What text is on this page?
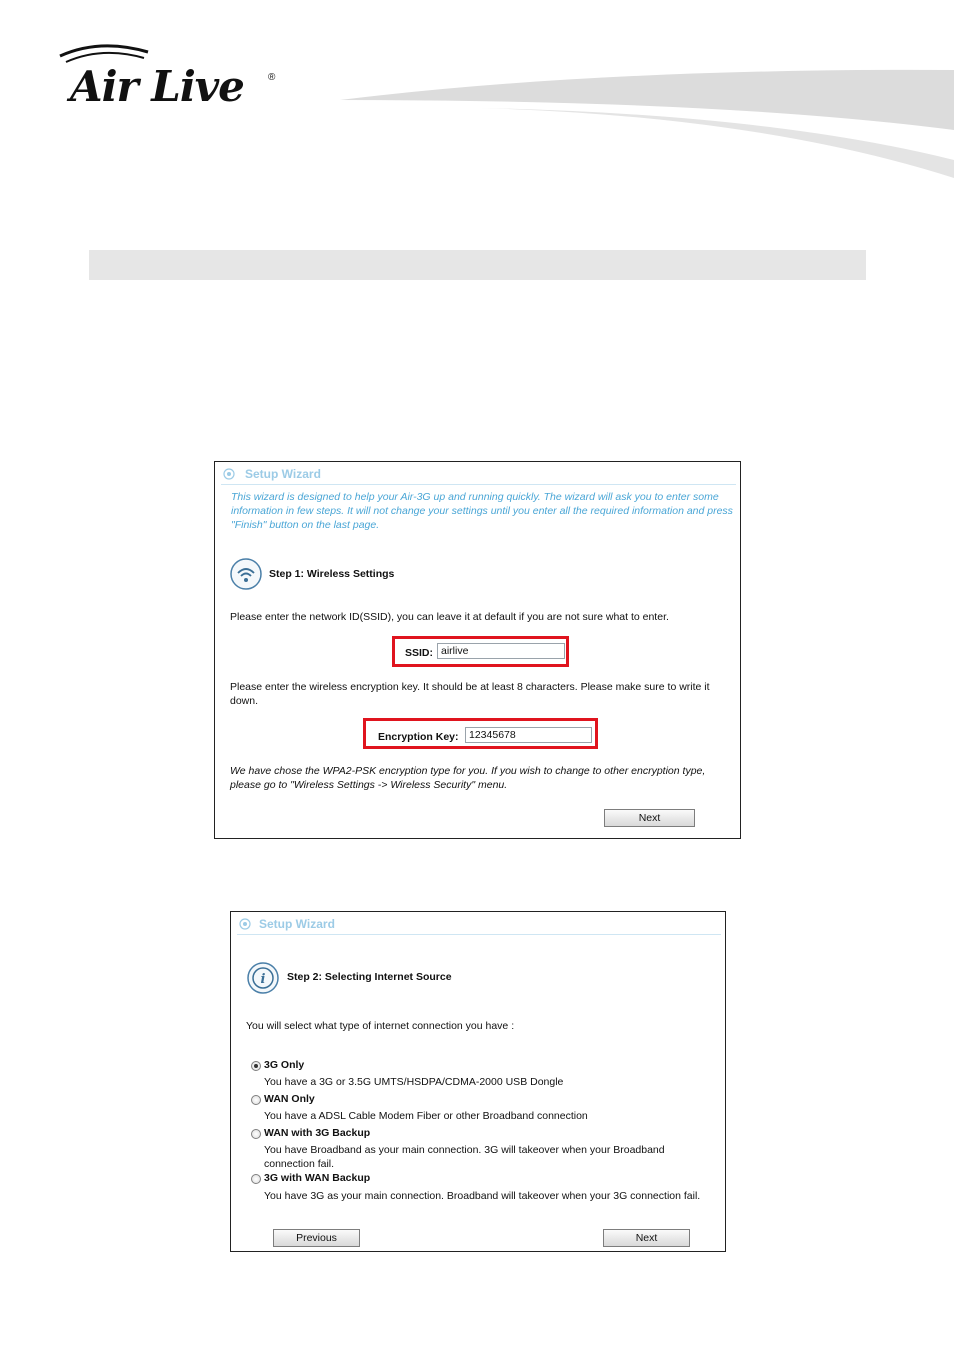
Air Live ®
Setup Wizard
This wizard is designed to help your Air-3G up and running quickly. The wizard will ask you to enter some information in few steps. It will not change your settings until you enter all the required information and press "Finish" button on the last page.
Step 1: Wireless Settings
Please enter the network ID(SSID), you can leave it at default if you are not sure what to enter.
SSID:
airlive
Please enter the wireless encryption key. It should be at least 8 characters. Please make sure to write it down.
Encryption Key:
12345678
We have chose the WPA2-PSK encryption type for you. If you wish to change to other encryption type, please go to "Wireless Settings -> Wireless Security" menu.
Next
Setup Wizard
i Step 2: Selecting Internet Source
You will select what type of internet connection you have :
3G Only
You have a 3G or 3.5G UMTS/HSDPA/CDMA-2000 USB Dongle
WAN Only
You have a ADSL Cable Modem Fiber or other Broadband connection
WAN with 3G Backup
You have Broadband as your main connection. 3G will takeover when your Broadband connection fail.
3G with WAN Backup
You have 3G as your main connection. Broadband will takeover when your 3G connection fail.
Previous	Next
